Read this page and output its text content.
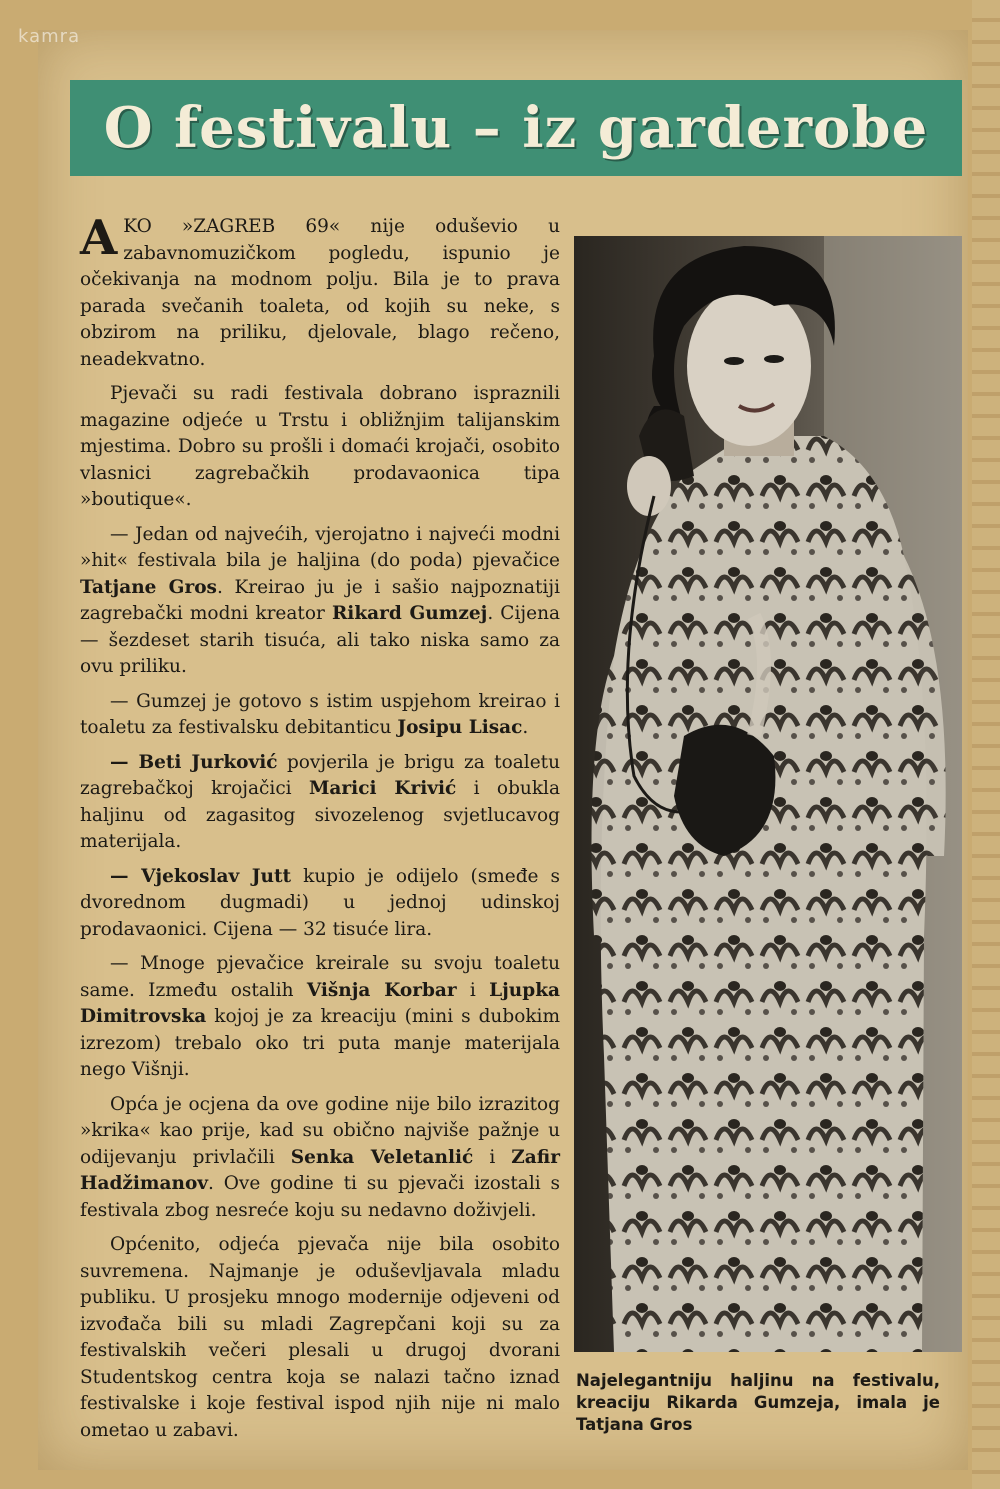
kamra
O festivalu – iz garderobe

AKO »ZAGREB 69« nije oduševio u zabavnomuzičkom pogledu, ispunio je očekivanja na modnom polju. Bila je to prava parada svečanih toaleta, od kojih su neke, s obzirom na priliku, djelovale, blago rečeno, neadekvatno.

Pjevači su radi festivala dobrano ispraznili magazine odjeće u Trstu i obližnjim talijanskim mjestima. Dobro su prošli i domaći krojači, osobito vlasnici zagrebačkih prodavaonica tipa »boutique«.

— Jedan od najvećih, vjerojatno i najveći modni »hit« festivala bila je haljina (do poda) pjevačice Tatjane Gros. Kreirao ju je i sašio najpoznatiji zagrebački modni kreator Rikard Gumzej. Cijena — šezdeset starih tisuća, ali tako niska samo za ovu priliku.

— Gumzej je gotovo s istim uspjehom kreirao i toaletu za festivalsku debitanticu Josipu Lisac.

— Beti Jurković povjerila je brigu za toaletu zagrebačkoj krojačici Marici Krivić i obukla haljinu od zagasitog sivozelenog svjetlucavog materijala.

— Vjekoslav Jutt kupio je odijelo (smeđe s dvorednom dugmadi) u jednoj udinskoj prodavaonici. Cijena — 32 tisuće lira.

— Mnoge pjevačice kreirale su svoju toaletu same. Između ostalih Višnja Korbar i Ljupka Dimitrovska kojoj je za kreaciju (mini s dubokim izrezom) trebalo oko tri puta manje materijala nego Višnji.

Opća je ocjena da ove godine nije bilo izrazitog »krika« kao prije, kad su obično najviše pažnje u odijevanju privlačili Senka Veletanlić i Zafir Hadžimanov. Ove godine ti su pjevači izostali s festivala zbog nesreće koju su nedavno doživjeli.

Općenito, odjeća pjevača nije bila osobito suvremena. Najmanje je oduševljavala mladu publiku. U prosjeku mnogo modernije odjeveni od izvođača bili su mladi Zagrepčani koji su za festivalskih večeri plesali u drugoj dvorani Studentskog centra koja se nalazi tačno iznad festivalske i koje festival ispod njih nije ni malo ometao u zabavi.

Najelegantniju haljinu na festivalu, kreaciju Rikarda Gumzeja, imala je Tatjana Gros
